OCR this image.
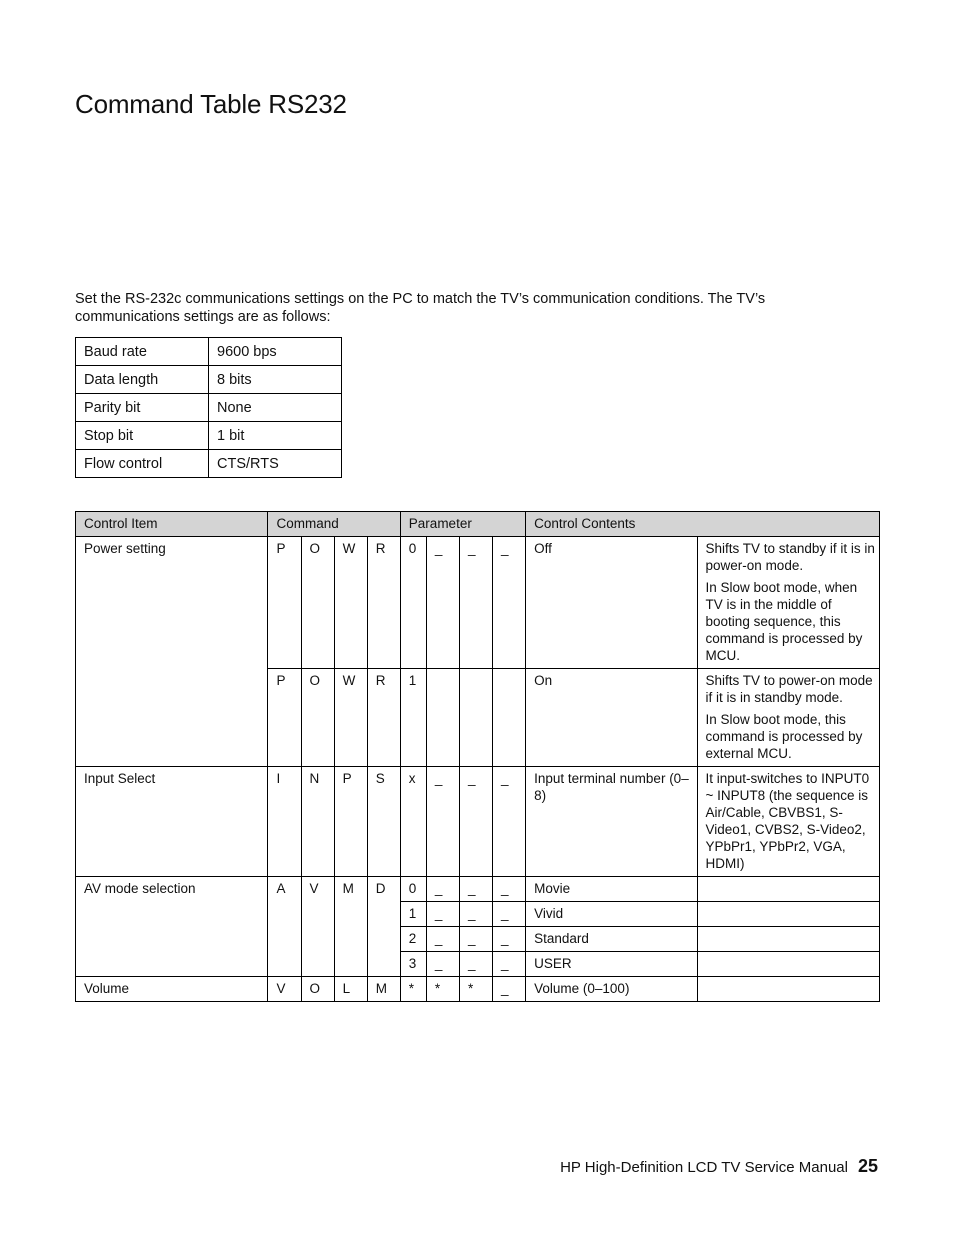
Command Table RS232

Set the RS-232c communications settings on the PC to match the TV’s communication conditions. The TV’s communications settings are as follows:

Baud rate	9600 bps
Data length	8 bits
Parity bit	None
Stop bit	1 bit
Flow control	CTS/RTS
Control Item	Command				Parameter				Control Contents	
Power setting	P	O	W	R	0	_	_	_	Off	Shifts TV to standby if it is in power-on mode.

In Slow boot mode, when TV is in the middle of booting sequence, this command is processed by MCU.

	P	O	W	R	1				On	Shifts TV to power-on mode if it is in standby mode.

In Slow boot mode, this command is processed by external MCU.

Input Select	I	N	P	S	x	_	_	_	Input terminal number (0–8)	It input-switches to INPUT0 ~ INPUT8 (the sequence is Air/Cable, CBVBS1, S-Video1, CVBS2, S-Video2, YPbPr1, YPbPr2, VGA, HDMI)
AV mode selection	A	V	M	D	0	_	_	_	Movie	
					1	_	_	_	Vivid	
					2	_	_	_	Standard	
					3	_	_	_	USER	
Volume	V	O	L	M	*	*	*	_	Volume (0–100)	
HP High-Definition LCD TV Service Manual 25
